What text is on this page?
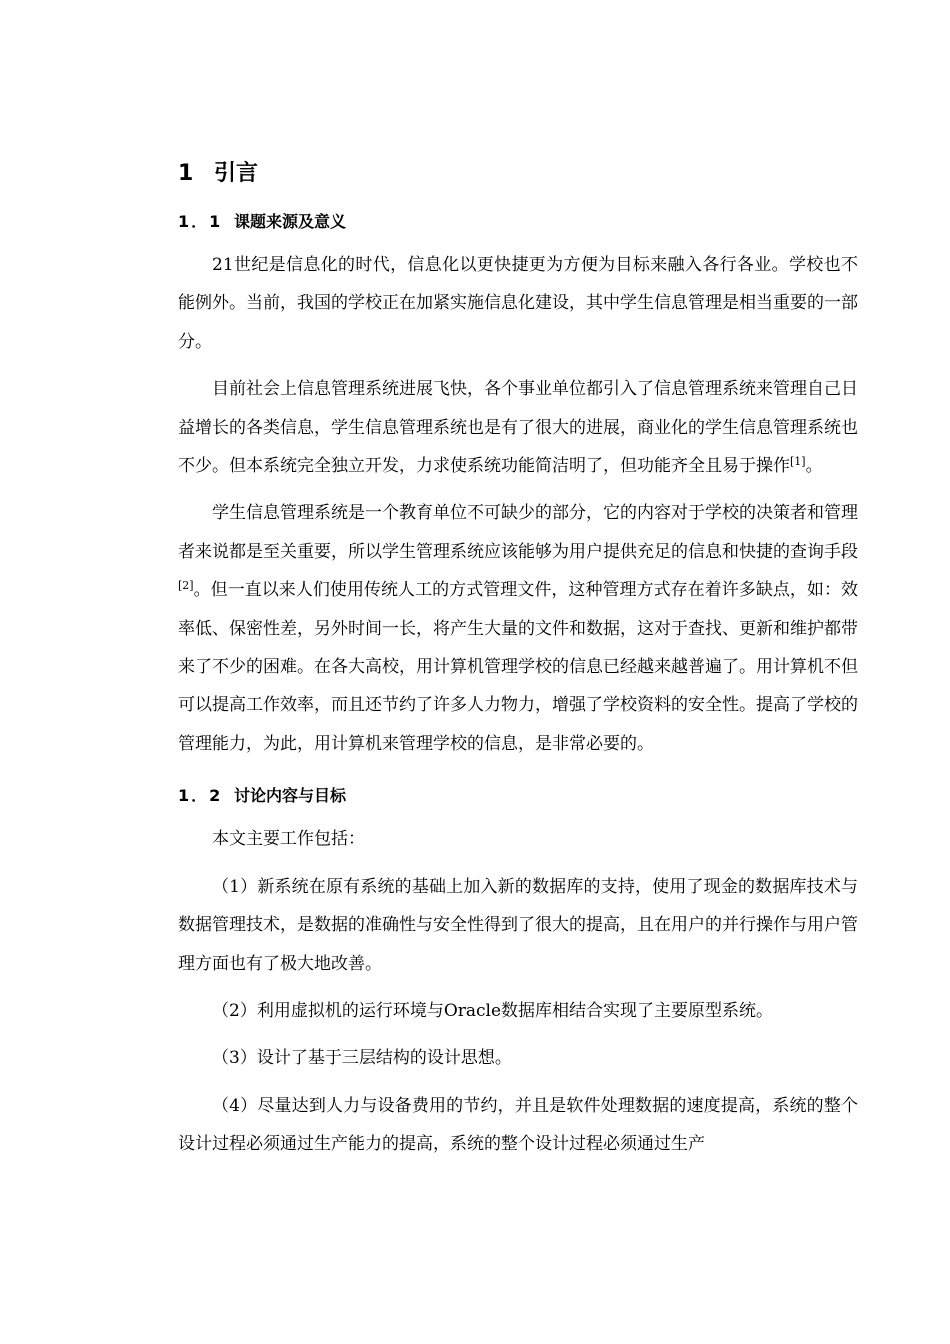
1 引言
1．1 课题来源及意义

21世纪是信息化的时代，信息化以更快捷更为方便为目标来融入各行各业。学校也不能例外。当前，我国的学校正在加紧实施信息化建设，其中学生信息管理是相当重要的一部分。

目前社会上信息管理系统进展飞快，各个事业单位都引入了信息管理系统来管理自己日益增长的各类信息，学生信息管理系统也是有了很大的进展，商业化的学生信息管理系统也不少。但本系统完全独立开发，力求使系统功能简洁明了，但功能齐全且易于操作[1]。

学生信息管理系统是一个教育单位不可缺少的部分，它的内容对于学校的决策者和管理者来说都是至关重要，所以学生管理系统应该能够为用户提供充足的信息和快捷的查询手段[2]。但一直以来人们使用传统人工的方式管理文件，这种管理方式存在着许多缺点，如：效率低、保密性差，另外时间一长，将产生大量的文件和数据，这对于查找、更新和维护都带来了不少的困难。在各大高校，用计算机管理学校的信息已经越来越普遍了。用计算机不但可以提高工作效率，而且还节约了许多人力物力，增强了学校资料的安全性。提高了学校的管理能力，为此，用计算机来管理学校的信息，是非常必要的。

1．2 讨论内容与目标

本文主要工作包括：

（1）新系统在原有系统的基础上加入新的数据库的支持，使用了现金的数据库技术与数据管理技术，是数据的准确性与安全性得到了很大的提高，且在用户的并行操作与用户管理方面也有了极大地改善。

（2）利用虚拟机的运行环境与Oracle数据库相结合实现了主要原型系统。

（3）设计了基于三层结构的设计思想。

（4）尽量达到人力与设备费用的节约，并且是软件处理数据的速度提高，系统的整个设计过程必须通过生产能力的提高，系统的整个设计过程必须通过生产
